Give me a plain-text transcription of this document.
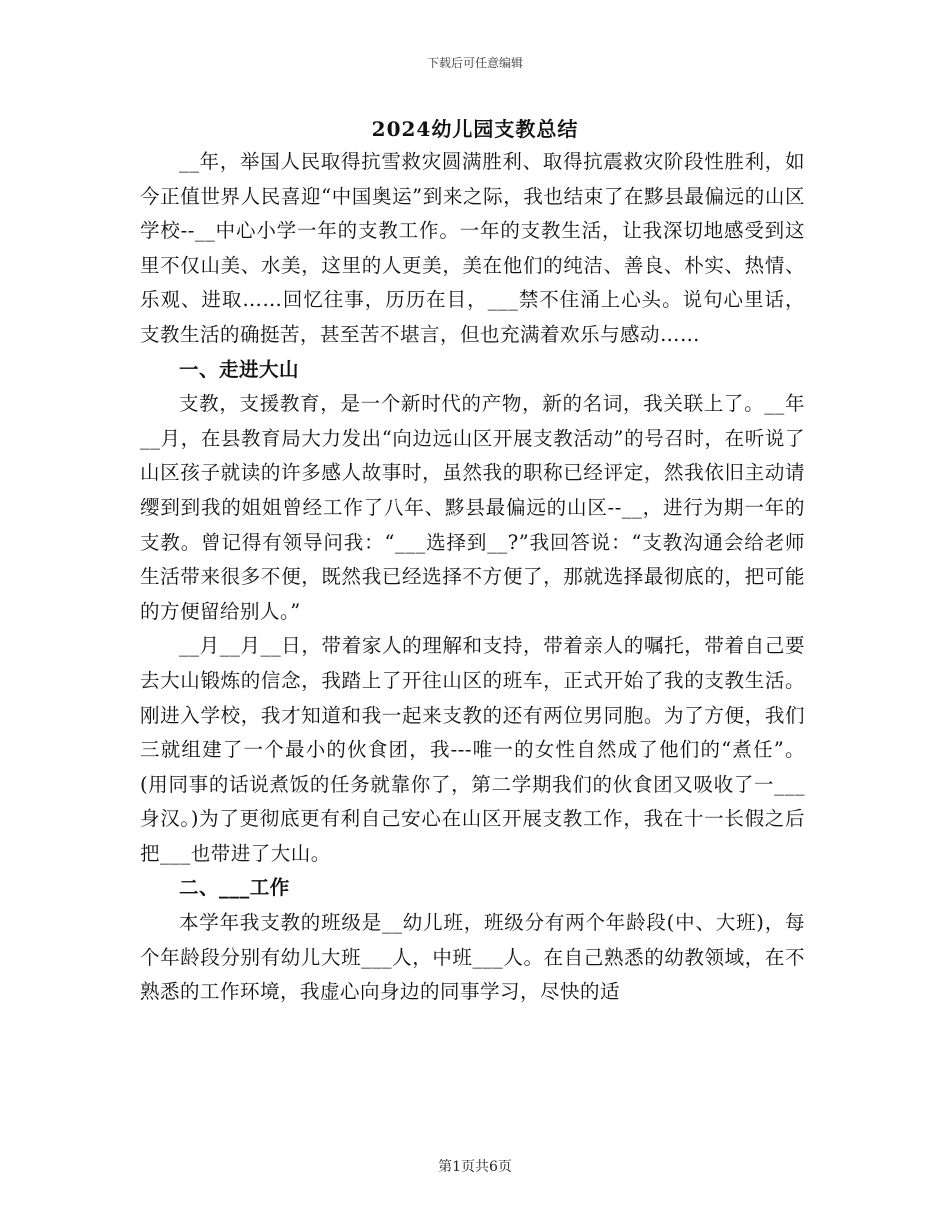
下载后可任意编辑
2024幼儿园支教总结

__年，举国人民取得抗雪救灾圆满胜利、取得抗震救灾阶段性胜利，如今正值世界人民喜迎“中国奥运”到来之际，我也结束了在黟县最偏远的山区学校--__中心小学一年的支教工作。一年的支教生活，让我深切地感受到这里不仅山美、水美，这里的人更美，美在他们的纯洁、善良、朴实、热情、乐观、进取……回忆往事，历历在目，___禁不住涌上心头。说句心里话，支教生活的确挺苦，甚至苦不堪言，但也充满着欢乐与感动……

一、走进大山

支教，支援教育，是一个新时代的产物，新的名词，我关联上了。__年__月，在县教育局大力发出“向边远山区开展支教活动”的号召时，在听说了山区孩子就读的许多感人故事时，虽然我的职称已经评定，然我依旧主动请缨到到我的姐姐曾经工作了八年、黟县最偏远的山区--__，进行为期一年的支教。曾记得有领导问我：“___选择到__?”我回答说：“支教沟通会给老师生活带来很多不便，既然我已经选择不方便了，那就选择最彻底的，把可能的方便留给别人。”

__月__月__日，带着家人的理解和支持，带着亲人的嘱托，带着自己要去大山锻炼的信念，我踏上了开往山区的班车，正式开始了我的支教生活。刚进入学校，我才知道和我一起来支教的还有两位男同胞。为了方便，我们三就组建了一个最小的伙食团，我---唯一的女性自然成了他们的“煮任”。(用同事的话说煮饭的任务就靠你了，第二学期我们的伙食团又吸收了一___身汉。)为了更彻底更有利自己安心在山区开展支教工作，我在十一长假之后把___也带进了大山。

二、___工作

本学年我支教的班级是__幼儿班，班级分有两个年龄段(中、大班)，每个年龄段分别有幼儿大班___人，中班___人。在自己熟悉的幼教领域，在不熟悉的工作环境，我虚心向身边的同事学习，尽快的适

第1页共6页
